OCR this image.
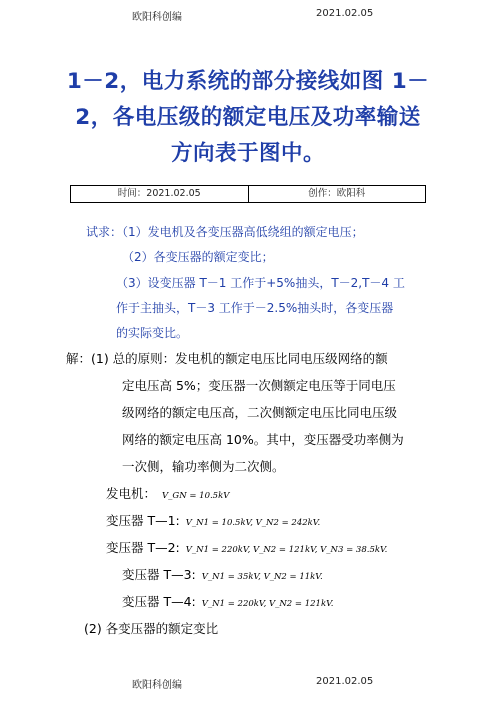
欧阳科创编	2021.02.05
1－2，电力系统的部分接线如图 1－
2，各电压级的额定电压及功率输送
方向表于图中。
时间：2021.02.05	创作：欧阳科
试求：（1）发电机及各变压器高低绕组的额定电压；
（2）各变压器的额定变比；
（3）设变压器 T－1 工作于+5%抽头，T－2,T－4 工
作于主抽头，T－3 工作于－2.5%抽头时，各变压器
的实际变比。
解：(1) 总的原则：发电机的额定电压比同电压级网络的额
定电压高 5%；变压器一次侧额定电压等于同电压
级网络的额定电压高，二次侧额定电压比同电压级
网络的额定电压高 10%。其中，变压器受功率侧为
一次侧，输功率侧为二次侧。
发电机： V_GN = 10.5kV
变压器 T—1: V_N1 = 10.5kV, V_N2 = 242kV.
变压器 T—2: V_N1 = 220kV, V_N2 = 121kV, V_N3 = 38.5kV.
变压器 T—3: V_N1 = 35kV, V_N2 = 11kV.
变压器 T—4: V_N1 = 220kV, V_N2 = 121kV.
(2) 各变压器的额定变比
欧阳科创编	2021.02.05
